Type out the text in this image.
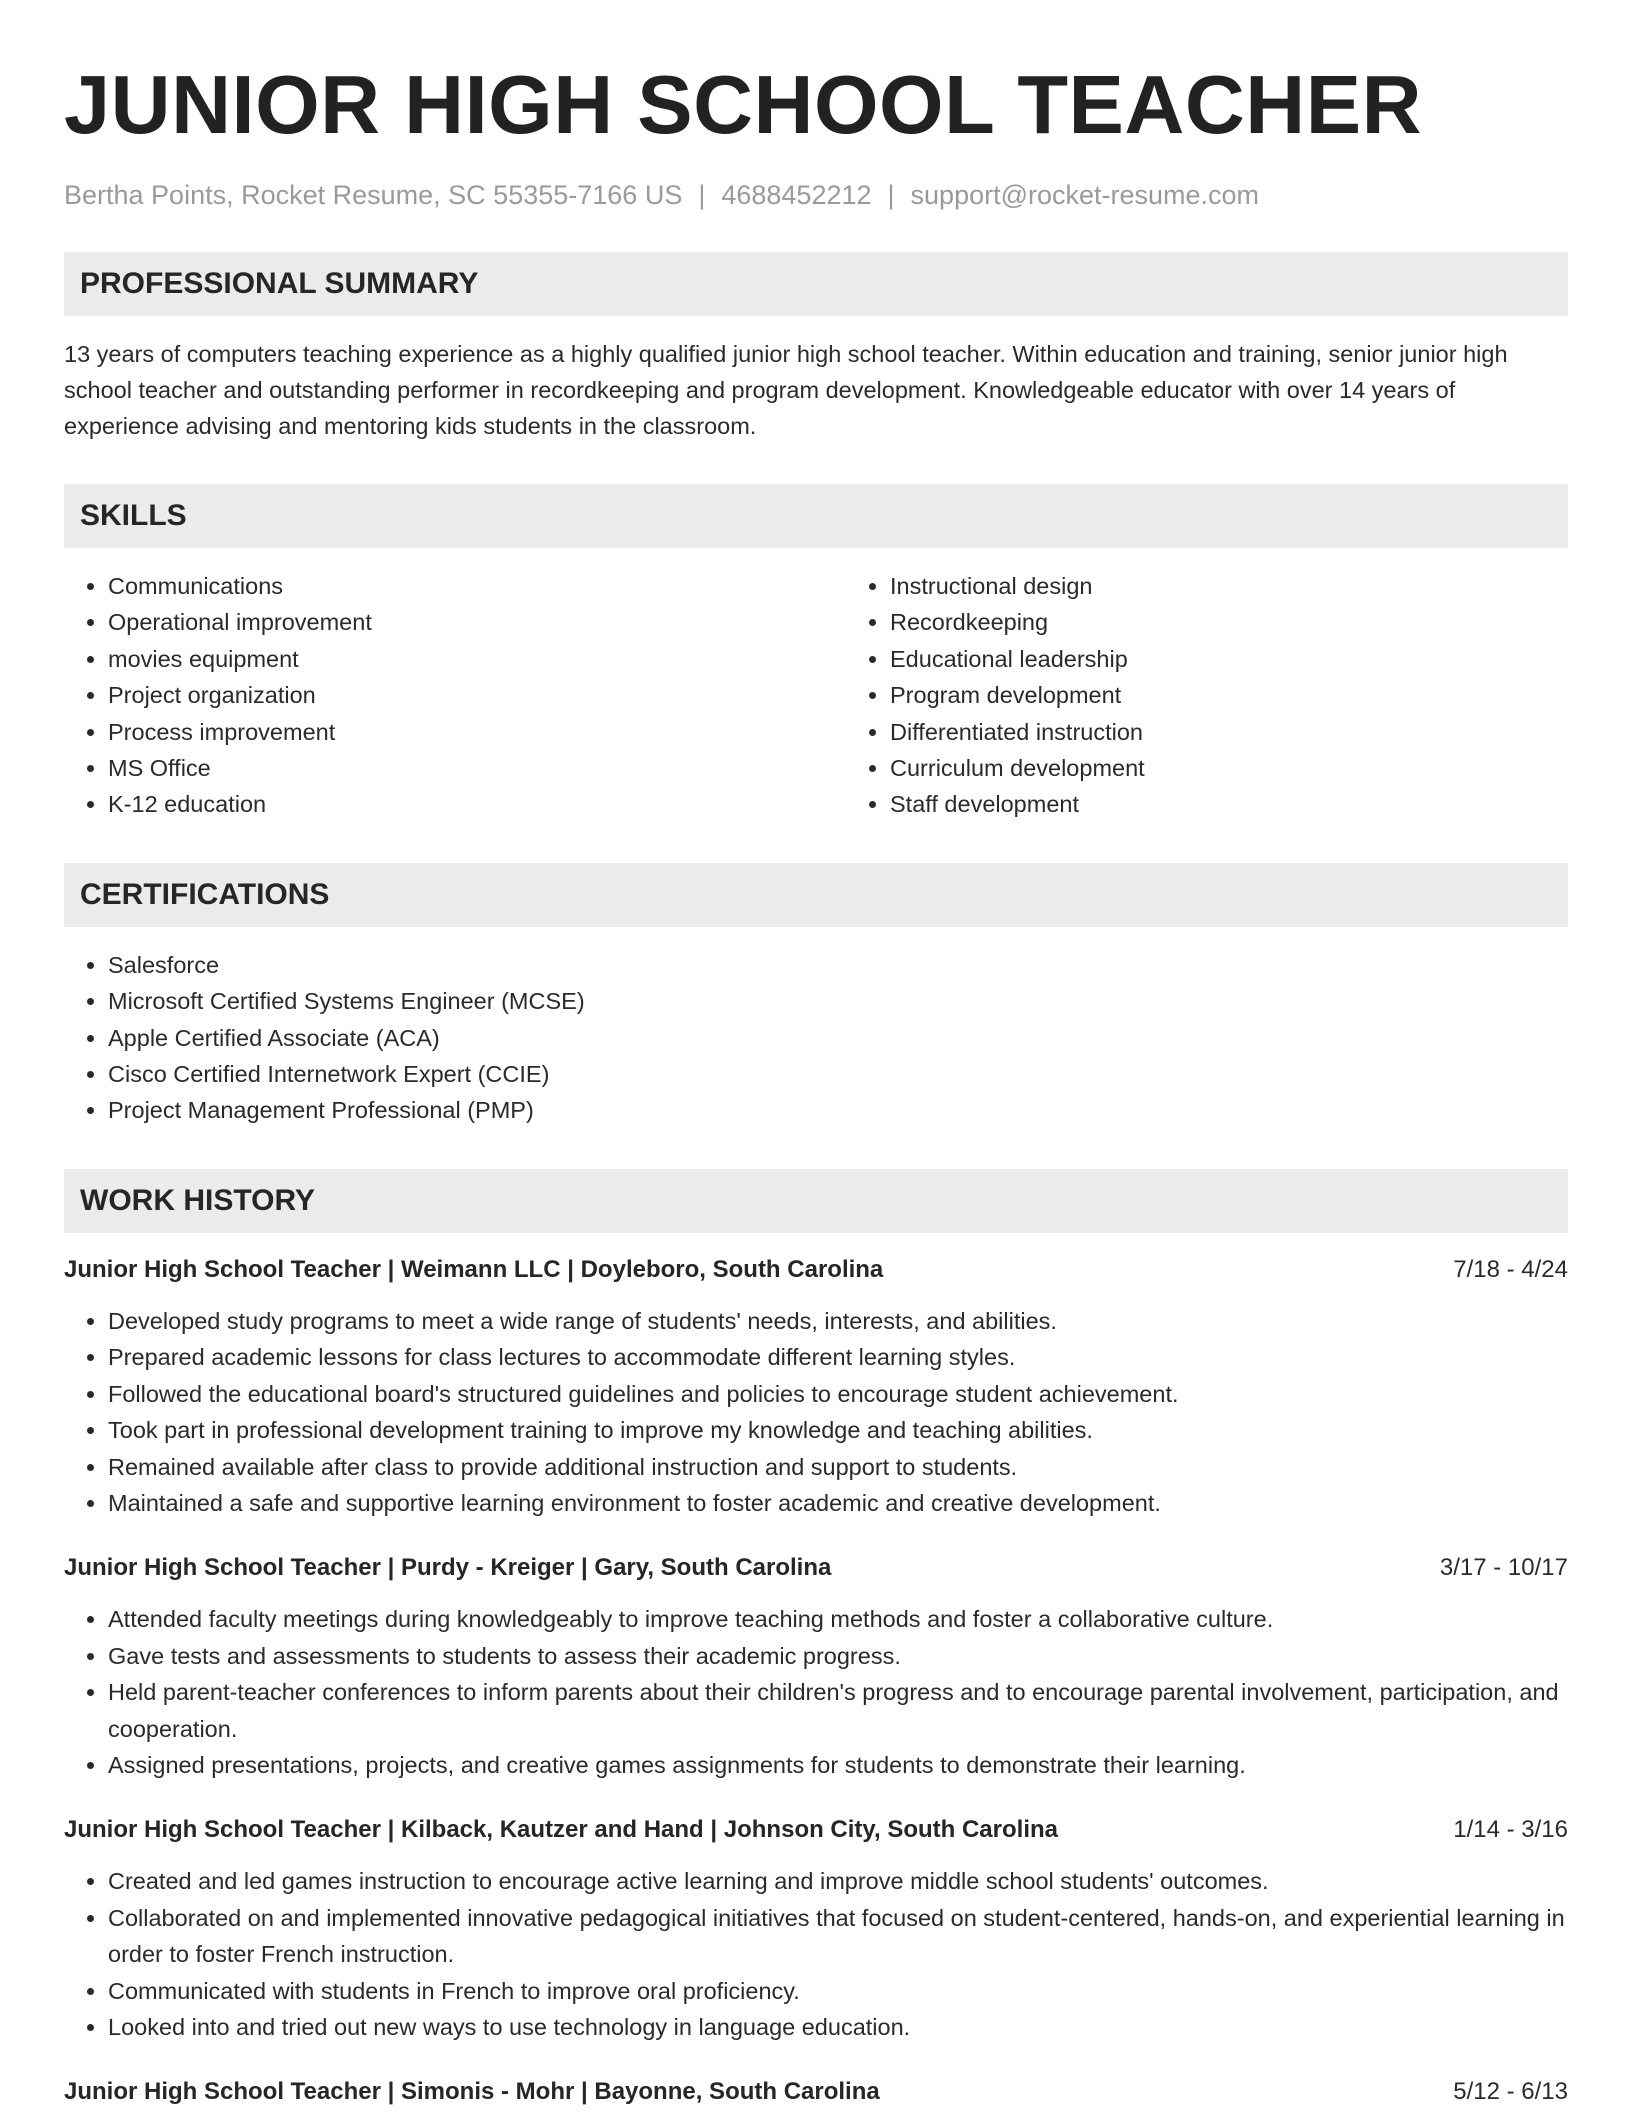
JUNIOR HIGH SCHOOL TEACHER
Bertha Points, Rocket Resume, SC 55355-7166 US | 4688452212 | support@rocket-resume.com
PROFESSIONAL SUMMARY

13 years of computers teaching experience as a highly qualified junior high school teacher. Within education and training, senior junior high school teacher and outstanding performer in recordkeeping and program development. Knowledgeable educator with over 14 years of experience advising and mentoring kids students in the classroom.

SKILLS
• Communications
• Operational improvement
• movies equipment
• Project organization
• Process improvement
• MS Office
• K-12 education
• Instructional design
• Recordkeeping
• Educational leadership
• Program development
• Differentiated instruction
• Curriculum development
• Staff development
CERTIFICATIONS
• Salesforce
• Microsoft Certified Systems Engineer (MCSE)
• Apple Certified Associate (ACA)
• Cisco Certified Internetwork Expert (CCIE)
• Project Management Professional (PMP)
WORK HISTORY
Junior High School Teacher | Weimann LLC | Doyleboro, South Carolina	7/18 - 4/24
• Developed study programs to meet a wide range of students' needs, interests, and abilities.
• Prepared academic lessons for class lectures to accommodate different learning styles.
• Followed the educational board's structured guidelines and policies to encourage student achievement.
• Took part in professional development training to improve my knowledge and teaching abilities.
• Remained available after class to provide additional instruction and support to students.
• Maintained a safe and supportive learning environment to foster academic and creative development.
Junior High School Teacher | Purdy - Kreiger | Gary, South Carolina	3/17 - 10/17
• Attended faculty meetings during knowledgeably to improve teaching methods and foster a collaborative culture.
• Gave tests and assessments to students to assess their academic progress.
• Held parent-teacher conferences to inform parents about their children's progress and to encourage parental involvement, participation, and cooperation.
• Assigned presentations, projects, and creative games assignments for students to demonstrate their learning.
Junior High School Teacher | Kilback, Kautzer and Hand | Johnson City, South Carolina	1/14 - 3/16
• Created and led games instruction to encourage active learning and improve middle school students' outcomes.
• Collaborated on and implemented innovative pedagogical initiatives that focused on student-centered, hands-on, and experiential learning in order to foster French instruction.
• Communicated with students in French to improve oral proficiency.
• Looked into and tried out new ways to use technology in language education.
Junior High School Teacher | Simonis - Mohr | Bayonne, South Carolina	5/12 - 6/13
